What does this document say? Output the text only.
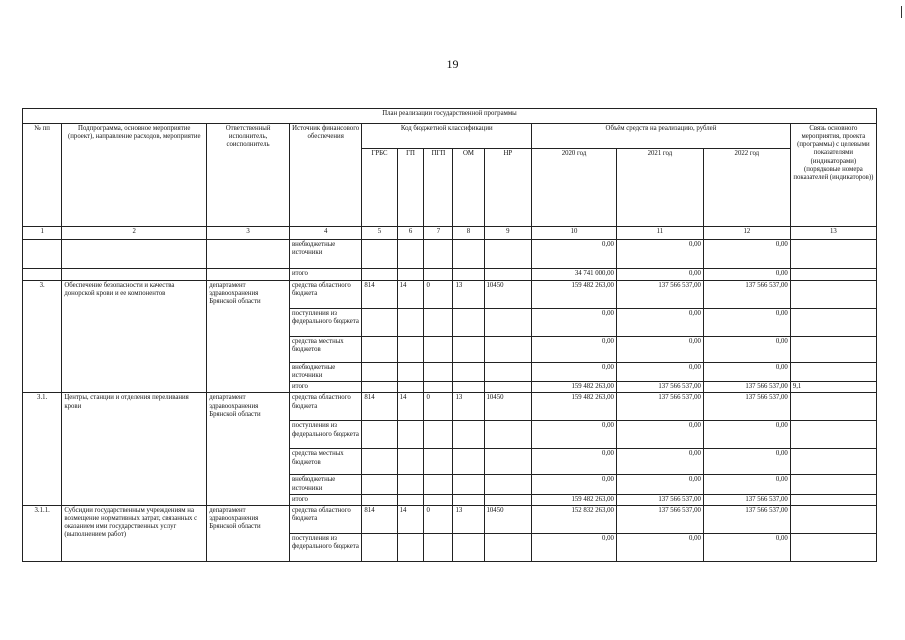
19
План реализации государственной программы												
№ пп	Подпрограмма, основное мероприятие (проект), направление расходов, мероприятие	Ответственный исполнитель, соисполнитель	Источник финансового обеспечения	Код бюджетной классификации					Объём средств на реализацию, рублей			Связь основного мероприятия, проекта (программы) с целевыми показателями (индикаторами) (порядковые номера показателей (индикаторов))
				ГРБС	ГП	ПГП	ОМ	НР	2020 год	2021 год	2022 год	
1	2	3	4	5	6	7	8	9	10	11	12	13
			внебюджетные источники						0,00	0,00	0,00	
			итого						34 741 000,00	0,00	0,00	
3.	Обеспечение безопасности и качества донорской крови и ее компонентов	департамент здравоохранения Брянской области	средства областного бюджета	814	14	0	13	10450	159 482 263,00	137 566 537,00	137 566 537,00	
			поступления из федерального бюджета						0,00	0,00	0,00	
			средства местных бюджетов						0,00	0,00	0,00	
			внебюджетные источники						0,00	0,00	0,00	
			итого						159 482 263,00	137 566 537,00	137 566 537,00	9,1
3.1.	Центры, станции и отделения переливания крови	департамент здравоохранения Брянской области	средства областного бюджета	814	14	0	13	10450	159 482 263,00	137 566 537,00	137 566 537,00	
			поступления из федерального бюджета						0,00	0,00	0,00	
			средства местных бюджетов						0,00	0,00	0,00	
			внебюджетные источники						0,00	0,00	0,00	
			итого						159 482 263,00	137 566 537,00	137 566 537,00	
3.1.1.	Субсидии государственным учреждениям на возмещение нормативных затрат, связанных с оказанием ими государственных услуг (выполнением работ)	департамент здравоохранения Брянской области	средства областного бюджета	814	14	0	13	10450	152 832 263,00	137 566 537,00	137 566 537,00	
			поступления из федерального бюджета						0,00	0,00	0,00	
